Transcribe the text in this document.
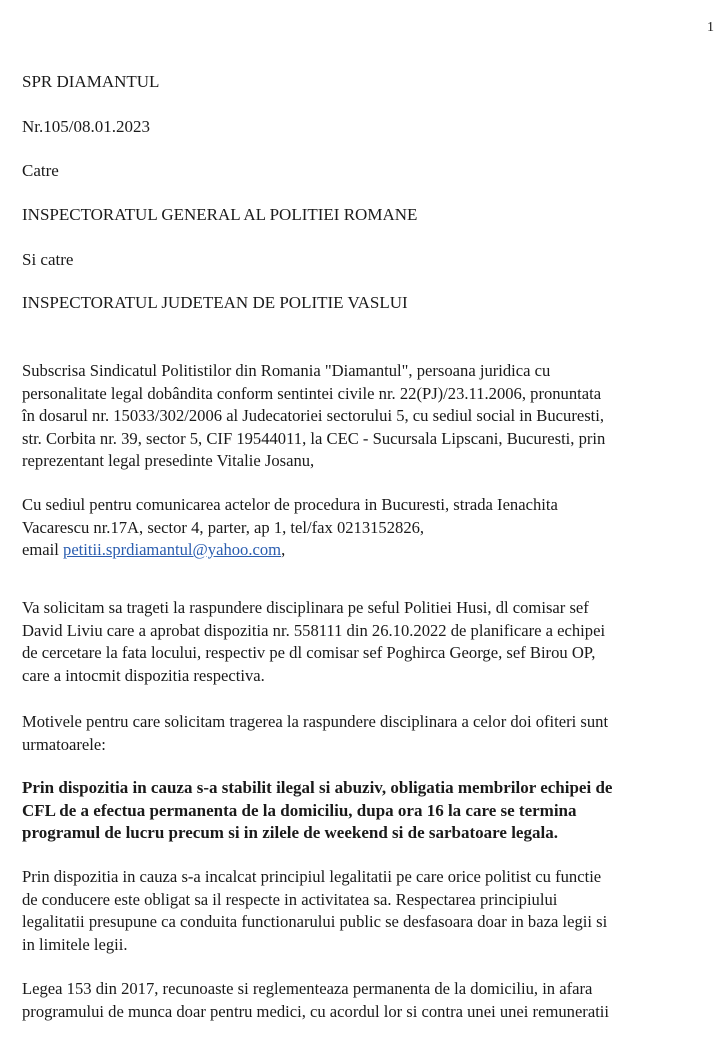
1
SPR DIAMANTUL
Nr.105/08.01.2023
Catre
INSPECTORATUL GENERAL AL POLITIEI ROMANE
Si catre
INSPECTORATUL JUDETEAN DE POLITIE VASLUI
Subscrisa Sindicatul Politistilor din Romania "Diamantul", persoana juridica cu
personalitate legal dobândita conform sentintei civile nr. 22(PJ)/23.11.2006, pronuntata
în dosarul nr. 15033/302/2006 al Judecatoriei sectorului 5, cu sediul social in Bucuresti,
str. Corbita nr. 39, sector 5, CIF 19544011, la CEC - Sucursala Lipscani, Bucuresti, prin
reprezentant legal presedinte Vitalie Josanu,
Cu sediul pentru comunicarea actelor de procedura in Bucuresti, strada Ienachita
Vacarescu nr.17A, sector 4, parter, ap 1, tel/fax 0213152826,
email petitii.sprdiamantul@yahoo.com,
Va solicitam sa trageti la raspundere disciplinara pe seful Politiei Husi, dl comisar sef
David Liviu care a aprobat dispozitia nr. 558111 din 26.10.2022 de planificare a echipei
de cercetare la fata locului, respectiv pe dl comisar sef Poghirca George, sef Birou OP,
care a intocmit dispozitia respectiva.
Motivele pentru care solicitam tragerea la raspundere disciplinara a celor doi ofiteri sunt
urmatoarele:
Prin dispozitia in cauza s-a stabilit ilegal si abuziv, obligatia membrilor echipei de
CFL de a efectua permanenta de la domiciliu, dupa ora 16 la care se termina
programul de lucru precum si in zilele de weekend si de sarbatoare legala.
Prin dispozitia in cauza s-a incalcat principiul legalitatii pe care orice politist cu functie
de conducere este obligat sa il respecte in activitatea sa. Respectarea principiului
legalitatii presupune ca conduita functionarului public se desfasoara doar in baza legii si
in limitele legii.
Legea 153 din 2017, recunoaste si reglementeaza permanenta de la domiciliu, in afara
programului de munca doar pentru medici, cu acordul lor si contra unei unei remuneratii
